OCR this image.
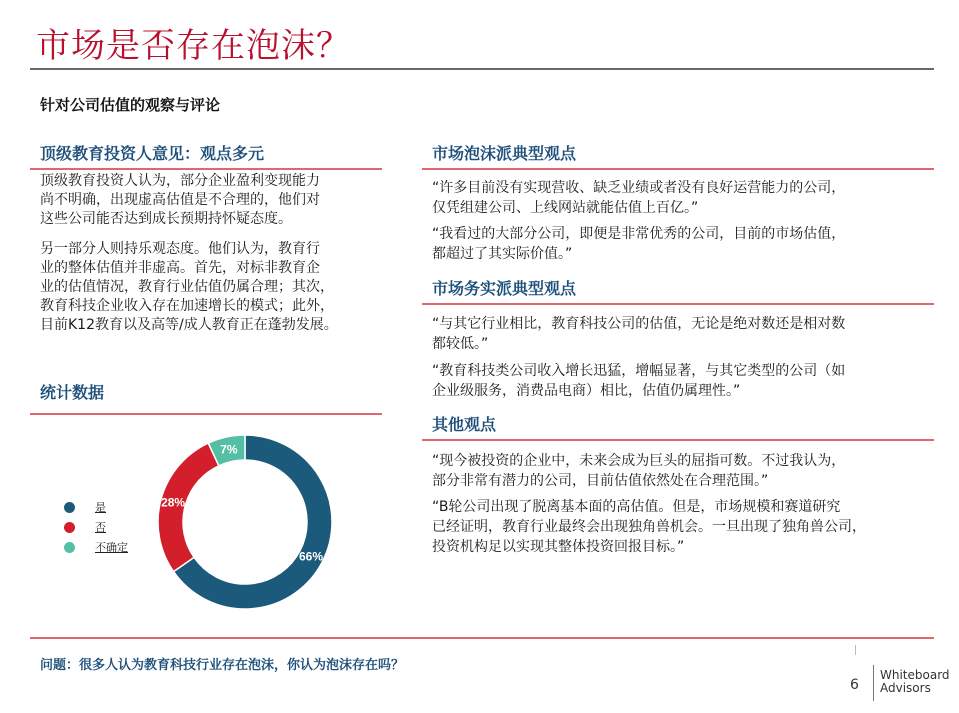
市场是否存在泡沫？
针对公司估值的观察与评论
顶级教育投资人意见：观点多元
顶级教育投资人认为，部分企业盈利变现能力
尚不明确，出现虚高估值是不合理的，他们对
这些公司能否达到成长预期持怀疑态度。
另一部分人则持乐观态度。他们认为，教育行
业的整体估值并非虚高。首先，对标非教育企
业的估值情况，教育行业估值仍属合理；其次，
教育科技企业收入存在加速增长的模式；此外，
目前K12教育以及高等/成人教育正在蓬勃发展。
统计数据
是
否
不确定
66%
28%
7%
市场泡沫派典型观点
“许多目前没有实现营收、缺乏业绩或者没有良好运营能力的公司，
仅凭组建公司、上线网站就能估值上百亿。”
“我看过的大部分公司，即便是非常优秀的公司，目前的市场估值，
都超过了其实际价值。”
市场务实派典型观点
“与其它行业相比，教育科技公司的估值，无论是绝对数还是相对数
都较低。”
“教育科技类公司收入增长迅猛，增幅显著，与其它类型的公司（如
企业级服务，消费品电商）相比，估值仍属理性。”
其他观点
“现今被投资的企业中，未来会成为巨头的屈指可数。不过我认为，
部分非常有潜力的公司，目前估值依然处在合理范围。”
“B轮公司出现了脱离基本面的高估值。但是，市场规模和赛道研究
已经证明，教育行业最终会出现独角兽机会。一旦出现了独角兽公司，
投资机构足以实现其整体投资回报目标。”
问题：很多人认为教育科技行业存在泡沫，你认为泡沫存在吗？
6
Whiteboard
Advisors
